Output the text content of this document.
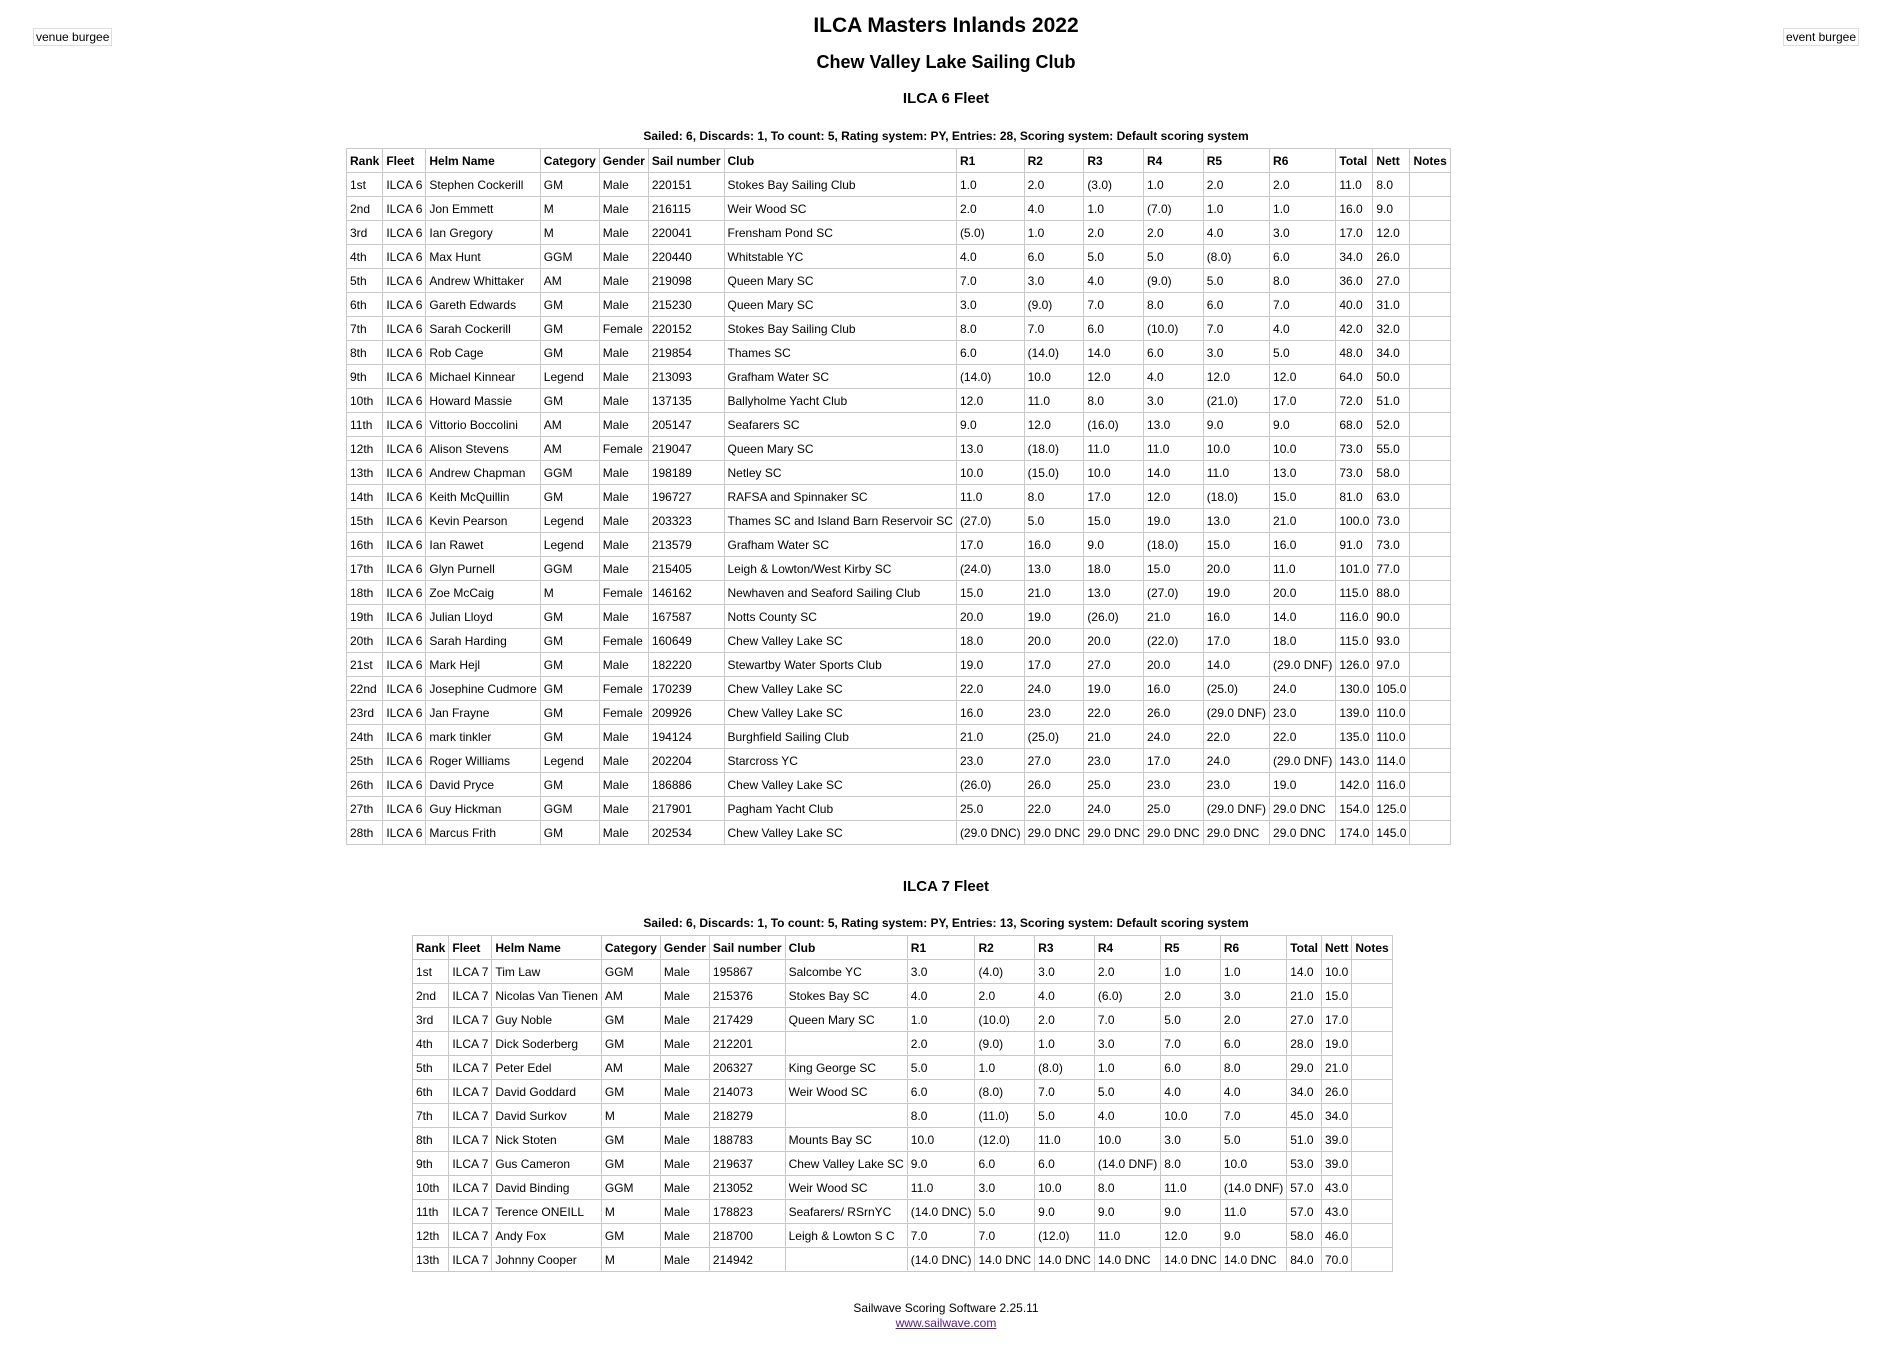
venue burgee	event burgee
ILCA Masters Inlands 2022
Chew Valley Lake Sailing Club
ILCA 6 Fleet
Sailed: 6, Discards: 1, To count: 5, Rating system: PY, Entries: 28, Scoring system: Default scoring system
Rank	Fleet	Helm Name	Category	Gender	Sail number	Club	R1	R2	R3	R4	R5	R6	Total	Nett	Notes
1st	ILCA 6	Stephen Cockerill	GM	Male	220151	Stokes Bay Sailing Club	1.0	2.0	(3.0)	1.0	2.0	2.0	11.0	8.0	
2nd	ILCA 6	Jon Emmett	M	Male	216115	Weir Wood SC	2.0	4.0	1.0	(7.0)	1.0	1.0	16.0	9.0	
3rd	ILCA 6	Ian Gregory	M	Male	220041	Frensham Pond SC	(5.0)	1.0	2.0	2.0	4.0	3.0	17.0	12.0	
4th	ILCA 6	Max Hunt	GGM	Male	220440	Whitstable YC	4.0	6.0	5.0	5.0	(8.0)	6.0	34.0	26.0	
5th	ILCA 6	Andrew Whittaker	AM	Male	219098	Queen Mary SC	7.0	3.0	4.0	(9.0)	5.0	8.0	36.0	27.0	
6th	ILCA 6	Gareth Edwards	GM	Male	215230	Queen Mary SC	3.0	(9.0)	7.0	8.0	6.0	7.0	40.0	31.0	
7th	ILCA 6	Sarah Cockerill	GM	Female	220152	Stokes Bay Sailing Club	8.0	7.0	6.0	(10.0)	7.0	4.0	42.0	32.0	
8th	ILCA 6	Rob Cage	GM	Male	219854	Thames SC	6.0	(14.0)	14.0	6.0	3.0	5.0	48.0	34.0	
9th	ILCA 6	Michael Kinnear	Legend	Male	213093	Grafham Water SC	(14.0)	10.0	12.0	4.0	12.0	12.0	64.0	50.0	
10th	ILCA 6	Howard Massie	GM	Male	137135	Ballyholme Yacht Club	12.0	11.0	8.0	3.0	(21.0)	17.0	72.0	51.0	
11th	ILCA 6	Vittorio Boccolini	AM	Male	205147	Seafarers SC	9.0	12.0	(16.0)	13.0	9.0	9.0	68.0	52.0	
12th	ILCA 6	Alison Stevens	AM	Female	219047	Queen Mary SC	13.0	(18.0)	11.0	11.0	10.0	10.0	73.0	55.0	
13th	ILCA 6	Andrew Chapman	GGM	Male	198189	Netley SC	10.0	(15.0)	10.0	14.0	11.0	13.0	73.0	58.0	
14th	ILCA 6	Keith McQuillin	GM	Male	196727	RAFSA and Spinnaker SC	11.0	8.0	17.0	12.0	(18.0)	15.0	81.0	63.0	
15th	ILCA 6	Kevin Pearson	Legend	Male	203323	Thames SC and Island Barn Reservoir SC	(27.0)	5.0	15.0	19.0	13.0	21.0	100.0	73.0	
16th	ILCA 6	Ian Rawet	Legend	Male	213579	Grafham Water SC	17.0	16.0	9.0	(18.0)	15.0	16.0	91.0	73.0	
17th	ILCA 6	Glyn Purnell	GGM	Male	215405	Leigh & Lowton/West Kirby SC	(24.0)	13.0	18.0	15.0	20.0	11.0	101.0	77.0	
18th	ILCA 6	Zoe McCaig	M	Female	146162	Newhaven and Seaford Sailing Club	15.0	21.0	13.0	(27.0)	19.0	20.0	115.0	88.0	
19th	ILCA 6	Julian Lloyd	GM	Male	167587	Notts County SC	20.0	19.0	(26.0)	21.0	16.0	14.0	116.0	90.0	
20th	ILCA 6	Sarah Harding	GM	Female	160649	Chew Valley Lake SC	18.0	20.0	20.0	(22.0)	17.0	18.0	115.0	93.0	
21st	ILCA 6	Mark Hejl	GM	Male	182220	Stewartby Water Sports Club	19.0	17.0	27.0	20.0	14.0	(29.0 DNF)	126.0	97.0	
22nd	ILCA 6	Josephine Cudmore	GM	Female	170239	Chew Valley Lake SC	22.0	24.0	19.0	16.0	(25.0)	24.0	130.0	105.0	
23rd	ILCA 6	Jan Frayne	GM	Female	209926	Chew Valley Lake SC	16.0	23.0	22.0	26.0	(29.0 DNF)	23.0	139.0	110.0	
24th	ILCA 6	mark tinkler	GM	Male	194124	Burghfield Sailing Club	21.0	(25.0)	21.0	24.0	22.0	22.0	135.0	110.0	
25th	ILCA 6	Roger Williams	Legend	Male	202204	Starcross YC	23.0	27.0	23.0	17.0	24.0	(29.0 DNF)	143.0	114.0	
26th	ILCA 6	David Pryce	GM	Male	186886	Chew Valley Lake SC	(26.0)	26.0	25.0	23.0	23.0	19.0	142.0	116.0	
27th	ILCA 6	Guy Hickman	GGM	Male	217901	Pagham Yacht Club	25.0	22.0	24.0	25.0	(29.0 DNF)	29.0 DNC	154.0	125.0	
28th	ILCA 6	Marcus Frith	GM	Male	202534	Chew Valley Lake SC	(29.0 DNC)	29.0 DNC	29.0 DNC	29.0 DNC	29.0 DNC	29.0 DNC	174.0	145.0	
ILCA 7 Fleet
Sailed: 6, Discards: 1, To count: 5, Rating system: PY, Entries: 13, Scoring system: Default scoring system
Rank	Fleet	Helm Name	Category	Gender	Sail number	Club	R1	R2	R3	R4	R5	R6	Total	Nett	Notes
1st	ILCA 7	Tim Law	GGM	Male	195867	Salcombe YC	3.0	(4.0)	3.0	2.0	1.0	1.0	14.0	10.0	
2nd	ILCA 7	Nicolas Van Tienen	AM	Male	215376	Stokes Bay SC	4.0	2.0	4.0	(6.0)	2.0	3.0	21.0	15.0	
3rd	ILCA 7	Guy Noble	GM	Male	217429	Queen Mary SC	1.0	(10.0)	2.0	7.0	5.0	2.0	27.0	17.0	
4th	ILCA 7	Dick Soderberg	GM	Male	212201		2.0	(9.0)	1.0	3.0	7.0	6.0	28.0	19.0	
5th	ILCA 7	Peter Edel	AM	Male	206327	King George SC	5.0	1.0	(8.0)	1.0	6.0	8.0	29.0	21.0	
6th	ILCA 7	David Goddard	GM	Male	214073	Weir Wood SC	6.0	(8.0)	7.0	5.0	4.0	4.0	34.0	26.0	
7th	ILCA 7	David Surkov	M	Male	218279		8.0	(11.0)	5.0	4.0	10.0	7.0	45.0	34.0	
8th	ILCA 7	Nick Stoten	GM	Male	188783	Mounts Bay SC	10.0	(12.0)	11.0	10.0	3.0	5.0	51.0	39.0	
9th	ILCA 7	Gus Cameron	GM	Male	219637	Chew Valley Lake SC	9.0	6.0	6.0	(14.0 DNF)	8.0	10.0	53.0	39.0	
10th	ILCA 7	David Binding	GGM	Male	213052	Weir Wood SC	11.0	3.0	10.0	8.0	11.0	(14.0 DNF)	57.0	43.0	
11th	ILCA 7	Terence ONEILL	M	Male	178823	Seafarers/ RSrnYC	(14.0 DNC)	5.0	9.0	9.0	9.0	11.0	57.0	43.0	
12th	ILCA 7	Andy Fox	GM	Male	218700	Leigh & Lowton S C	7.0	7.0	(12.0)	11.0	12.0	9.0	58.0	46.0	
13th	ILCA 7	Johnny Cooper	M	Male	214942		(14.0 DNC)	14.0 DNC	14.0 DNC	14.0 DNC	14.0 DNC	14.0 DNC	84.0	70.0	
Sailwave Scoring Software 2.25.11
www.sailwave.com
